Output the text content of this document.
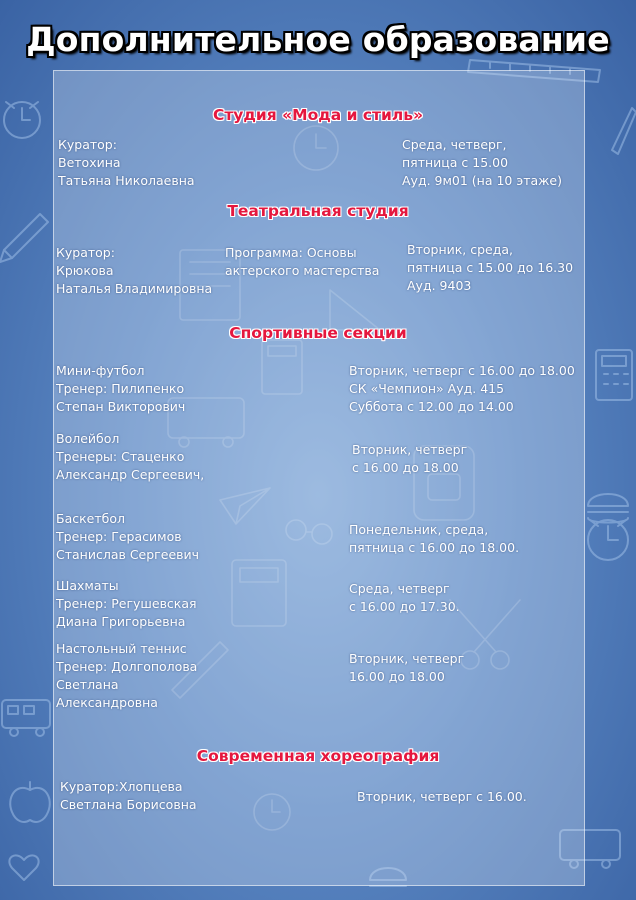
Дополнительное образование
Студия «Мода и стиль»
Куратор:
Ветохина
Татьяна Николаевна
Среда, четверг,
пятница с 15.00
Ауд. 9м01 (на 10 этаже)
Театральная студия
Куратор:
Крюкова
Наталья Владимировна
Программа: Основы
актерского мастерства
Вторник, среда,
пятница с 15.00 до 16.30
Ауд. 9403
Спортивные секции
Мини-футбол
Тренер: Пилипенко
Степан Викторович
Вторник, четверг с 16.00 до 18.00
СК «Чемпион» Ауд. 415
Суббота с 12.00 до 14.00
Волейбол
Тренеры: Стаценко
Александр Сергеевич,
Вторник, четверг
с 16.00 до 18.00
Баскетбол
Тренер: Герасимов
Станислав Сергеевич
Понедельник, среда,
пятница с 16.00 до 18.00.
Шахматы
Тренер: Регушевская
Диана Григорьевна
Среда, четверг
с 16.00 до 17.30.
Настольный теннис
Тренер: Долгополова
Светлана
Александровна
Вторник, четверг
16.00 до 18.00
Современная хореография
Куратор:Хлопцева
Светлана Борисовна
Вторник, четверг с 16.00.
